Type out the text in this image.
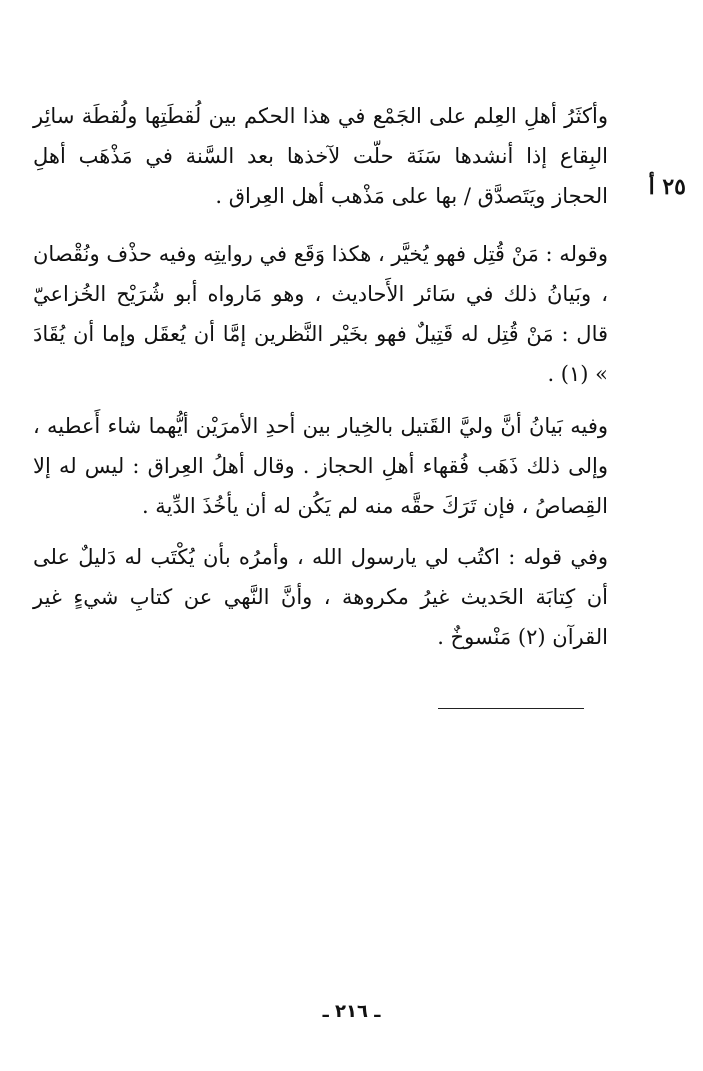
٢٥ أ

وأكثَرُ أهلِ العِلم على الجَمْع في هذا الحكم بين لُقطَتِها ولُقطَة سائِر البِقاع إذا أنشدها سَنَة حلّت لآخذها بعد السَّنة في مَذْهَب أهلِ الحجاز ويَتَصدَّق / بها على مَذْهب أهل العِراق .

وقوله : مَنْ قُتِل فهو يُخيَّر ، هكذا وَقَع في روايتِه وفيه حذْف ونُقْصان ، وبَيانُ ذلك في سَائر الأَحاديث ، وهو مَارواه أبو شُرَيْح الخُزاعيّ قال : مَنْ قُتِل له قَتِيلٌ فهو بخَيْر النَّظرين إمَّا أن يُعقَل وإما أن يُقَادَ » (١) .

وفيه بَيانُ أنَّ وليَّ القَتيل بالخِيار بين أحدِ الأمرَيْن أيُّهما شاء أَعطيه ، وإلى ذلك ذَهَب فُقهاء أهلِ الحجاز . وقال أهلُ العِراق : ليس له إلا القِصاصُ ، فإن تَرَكَ حقَّه منه لم يَكُن له أن يأخُذَ الدِّية .

وفي قوله : اكتُب لي يارسول الله ، وأمرُه بأن يُكْتَب له دَليلٌ على أن كِتابَة الحَديث غيرُ مكروهة ، وأنَّ النَّهي عن كتابِ شيءٍ غير القرآن (٢) مَنْسوخٌ .

ـ ٢١٦ ـ
